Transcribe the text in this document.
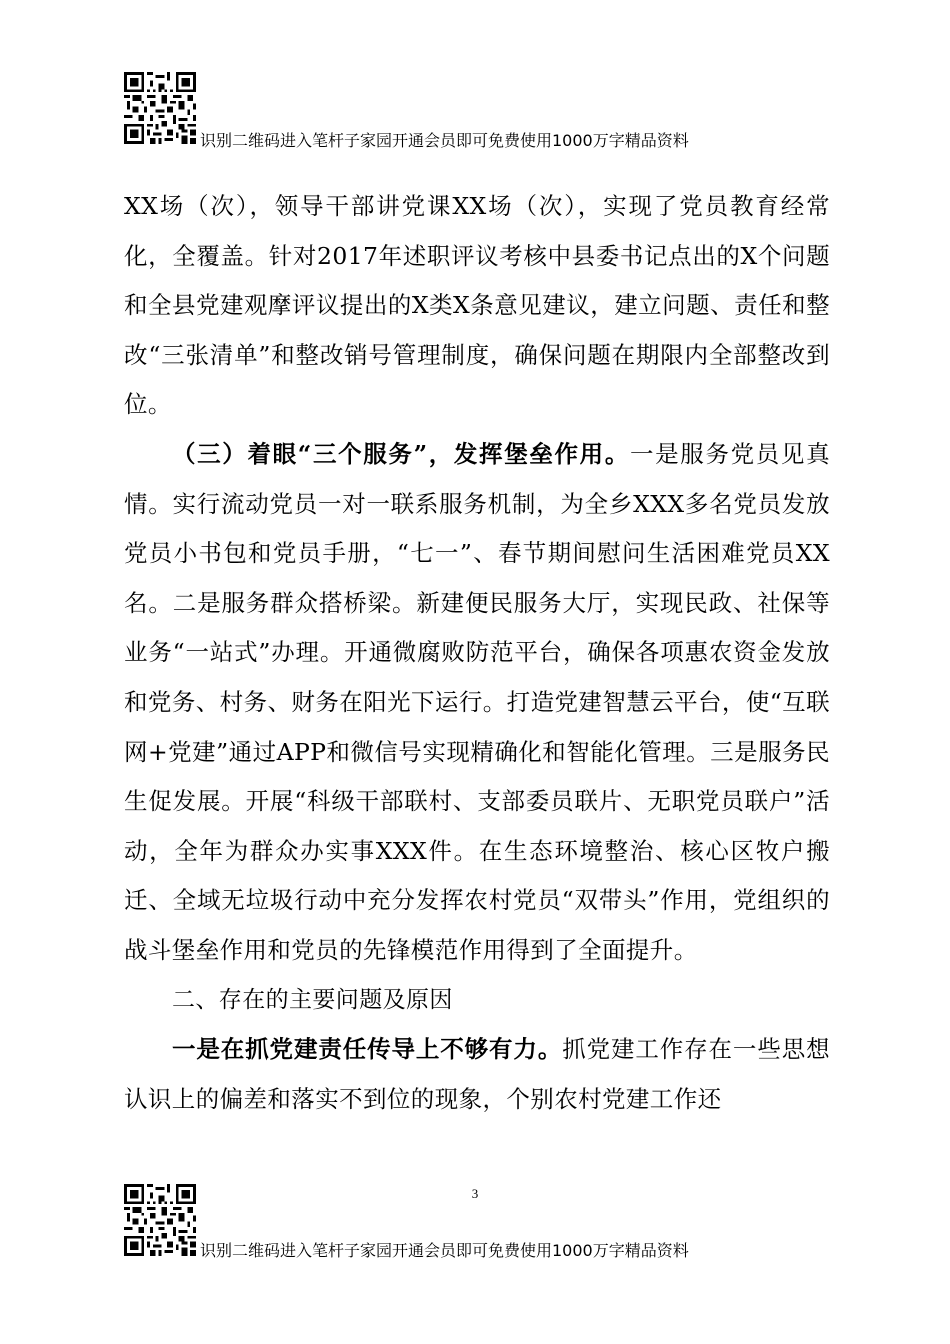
识别二维码进入笔杆子家园开通会员即可免费使用1000万字精品资料

XX场（次），领导干部讲党课XX场（次），实现了党员教育经常化，全覆盖。针对2017年述职评议考核中县委书记点出的X个问题和全县党建观摩评议提出的X类X条意见建议，建立问题、责任和整改“三张清单”和整改销号管理制度，确保问题在期限内全部整改到位。

（三）着眼“三个服务”，发挥堡垒作用。一是服务党员见真情。实行流动党员一对一联系服务机制，为全乡XXX多名党员发放党员小书包和党员手册，“七一”、春节期间慰问生活困难党员XX名。二是服务群众搭桥梁。新建便民服务大厅，实现民政、社保等业务“一站式”办理。开通微腐败防范平台，确保各项惠农资金发放和党务、村务、财务在阳光下运行。打造党建智慧云平台，使“互联网+党建”通过APP和微信号实现精确化和智能化管理。三是服务民生促发展。开展“科级干部联村、支部委员联片、无职党员联户”活动，全年为群众办实事XXX件。在生态环境整治、核心区牧户搬迁、全域无垃圾行动中充分发挥农村党员“双带头”作用，党组织的战斗堡垒作用和党员的先锋模范作用得到了全面提升。

二、存在的主要问题及原因

一是在抓党建责任传导上不够有力。抓党建工作存在一些思想认识上的偏差和落实不到位的现象，个别农村党建工作还

3
识别二维码进入笔杆子家园开通会员即可免费使用1000万字精品资料
